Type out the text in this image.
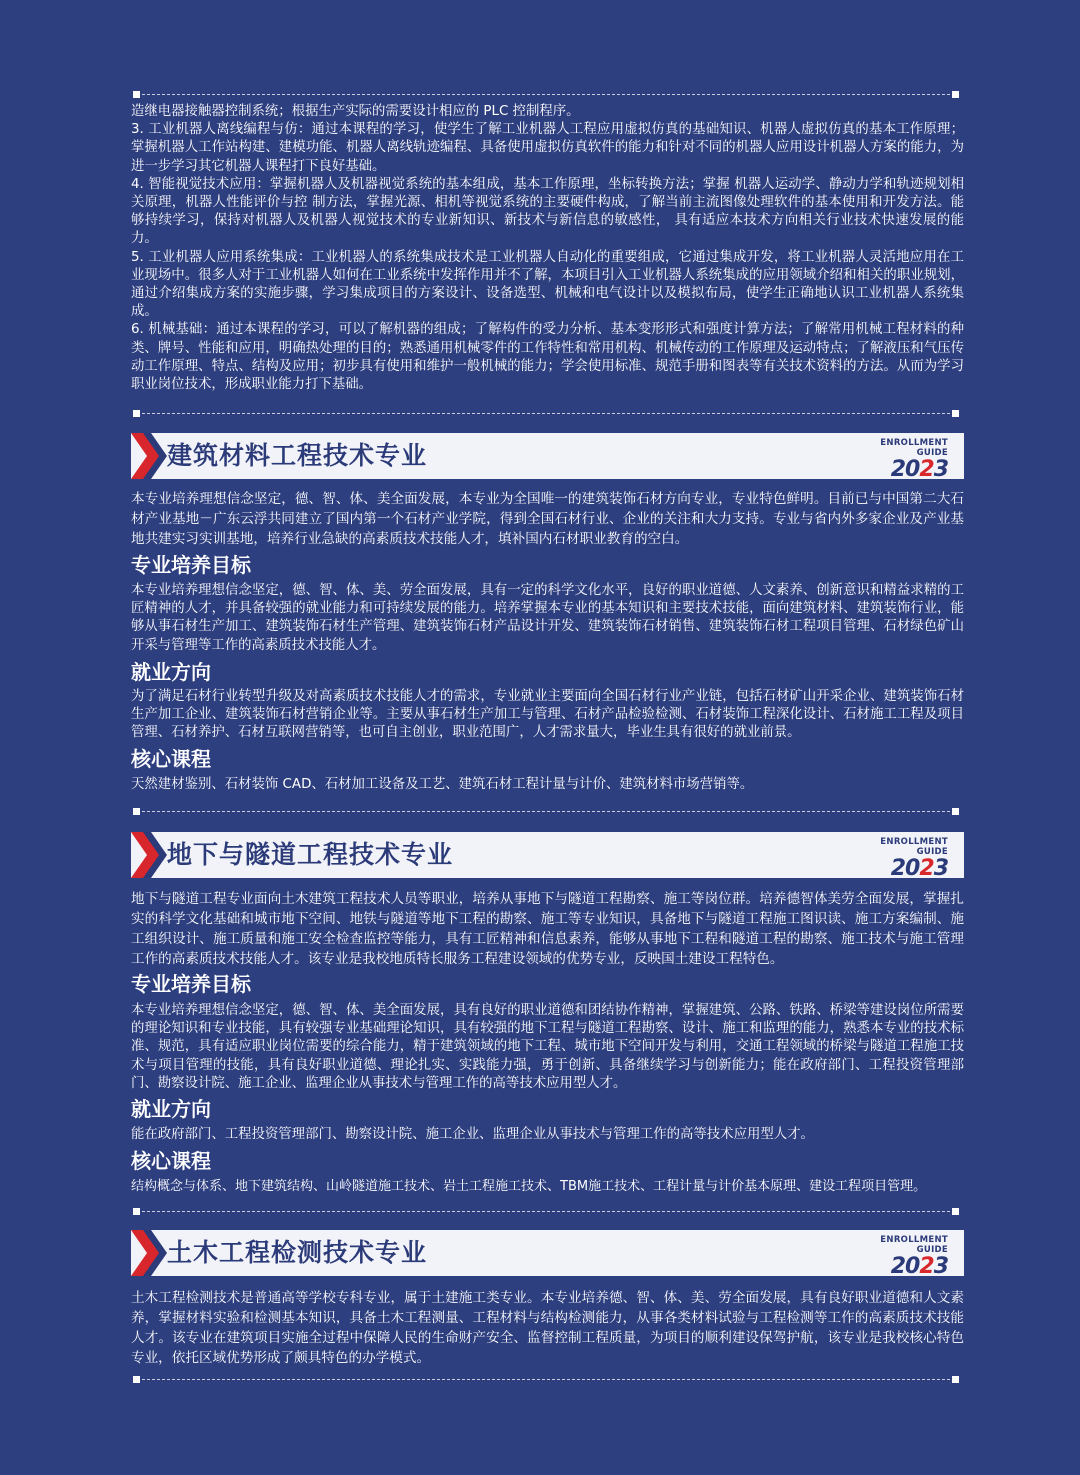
造继电器接触器控制系统；根据生产实际的需要设计相应的 PLC 控制程序。
3. 工业机器人离线编程与仿：通过本课程的学习，使学生了解工业机器人工程应用虚拟仿真的基础知识、机器人虚拟仿真的基本工作原理；掌握机器人工作站构建、建模功能、机器人离线轨迹编程、具备使用虚拟仿真软件的能力和针对不同的机器人应用设计机器人方案的能力，为进一步学习其它机器人课程打下良好基础。
4. 智能视觉技术应用：掌握机器人及机器视觉系统的基本组成，基本工作原理，坐标转换方法；掌握 机器人运动学、静动力学和轨迹规划相关原理，机器人性能评价与控 制方法，掌握光源、相机等视觉系统的主要硬件构成，了解当前主流图像处理软件的基本使用和开发方法。能够持续学习，保持对机器人及机器人视觉技术的专业新知识、新技术与新信息的敏感性， 具有适应本技术方向相关行业技术快速发展的能力。
5. 工业机器人应用系统集成：工业机器人的系统集成技术是工业机器人自动化的重要组成，它通过集成开发，将工业机器人灵活地应用在工业现场中。很多人对于工业机器人如何在工业系统中发挥作用并不了解，本项目引入工业机器人系统集成的应用领域介绍和相关的职业规划，通过介绍集成方案的实施步骤，学习集成项目的方案设计、设备选型、机械和电气设计以及模拟布局，使学生正确地认识工业机器人系统集成。
6. 机械基础：通过本课程的学习，可以了解机器的组成；了解构件的受力分析、基本变形形式和强度计算方法；了解常用机械工程材料的种类、牌号、性能和应用，明确热处理的目的；熟悉通用机械零件的工作特性和常用机构、机械传动的工作原理及运动特点；了解液压和气压传动工作原理、特点、结构及应用；初步具有使用和维护一般机械的能力；学会使用标准、规范手册和图表等有关技术资料的方法。从而为学习职业岗位技术，形成职业能力打下基础。
建筑材料工程技术专业	ENROLLMENT GUIDE
2023
本专业培养理想信念坚定，德、智、体、美全面发展，本专业为全国唯一的建筑装饰石材方向专业，专业特色鲜明。目前已与中国第二大石材产业基地－广东云浮共同建立了国内第一个石材产业学院，得到全国石材行业、企业的关注和大力支持。专业与省内外多家企业及产业基地共建实习实训基地，培养行业急缺的高素质技术技能人才，填补国内石材职业教育的空白。
专业培养目标
本专业培养理想信念坚定，德、智、体、美、劳全面发展，具有一定的科学文化水平，良好的职业道德、人文素养、创新意识和精益求精的工匠精神的人才，并具备较强的就业能力和可持续发展的能力。培养掌握本专业的基本知识和主要技术技能，面向建筑材料、建筑装饰行业，能够从事石材生产加工、建筑装饰石材生产管理、建筑装饰石材产品设计开发、建筑装饰石材销售、建筑装饰石材工程项目管理、石材绿色矿山开采与管理等工作的高素质技术技能人才。
就业方向
为了满足石材行业转型升级及对高素质技术技能人才的需求，专业就业主要面向全国石材行业产业链，包括石材矿山开采企业、建筑装饰石材生产加工企业、建筑装饰石材营销企业等。主要从事石材生产加工与管理、石材产品检验检测、石材装饰工程深化设计、石材施工工程及项目管理、石材养护、石材互联网营销等，也可自主创业，职业范围广，人才需求量大，毕业生具有很好的就业前景。
核心课程
天然建材鉴别、石材装饰 CAD、石材加工设备及工艺、建筑石材工程计量与计价、建筑材料市场营销等。
地下与隧道工程技术专业	ENROLLMENT GUIDE
2023
地下与隧道工程专业面向土木建筑工程技术人员等职业，培养从事地下与隧道工程勘察、施工等岗位群。培养德智体美劳全面发展，掌握扎实的科学文化基础和城市地下空间、地铁与隧道等地下工程的勘察、施工等专业知识，具备地下与隧道工程施工图识读、施工方案编制、施工组织设计、施工质量和施工安全检查监控等能力，具有工匠精神和信息素养，能够从事地下工程和隧道工程的勘察、施工技术与施工管理工作的高素质技术技能人才。该专业是我校地质特长服务工程建设领域的优势专业，反映国土建设工程特色。
专业培养目标
本专业培养理想信念坚定，德、智、体、美全面发展，具有良好的职业道德和团结协作精神，掌握建筑、公路、铁路、桥梁等建设岗位所需要的理论知识和专业技能，具有较强专业基础理论知识，具有较强的地下工程与隧道工程勘察、设计、施工和监理的能力，熟悉本专业的技术标准、规范，具有适应职业岗位需要的综合能力，精于建筑领域的地下工程、城市地下空间开发与利用，交通工程领域的桥梁与隧道工程施工技术与项目管理的技能，具有良好职业道德、理论扎实、实践能力强，勇于创新、具备继续学习与创新能力；能在政府部门、工程投资管理部门、勘察设计院、施工企业、监理企业从事技术与管理工作的高等技术应用型人才。
就业方向
能在政府部门、工程投资管理部门、勘察设计院、施工企业、监理企业从事技术与管理工作的高等技术应用型人才。
核心课程
结构概念与体系、地下建筑结构、山岭隧道施工技术、岩土工程施工技术、TBM施工技术、工程计量与计价基本原理、建设工程项目管理。
土木工程检测技术专业	ENROLLMENT GUIDE
2023
土木工程检测技术是普通高等学校专科专业，属于土建施工类专业。本专业培养德、智、体、美、劳全面发展，具有良好职业道德和人文素养，掌握材料实验和检测基本知识，具备土木工程测量、工程材料与结构检测能力，从事各类材料试验与工程检测等工作的高素质技术技能人才。该专业在建筑项目实施全过程中保障人民的生命财产安全、监督控制工程质量，为项目的顺利建设保驾护航，该专业是我校核心特色专业，依托区域优势形成了颇具特色的办学模式。
